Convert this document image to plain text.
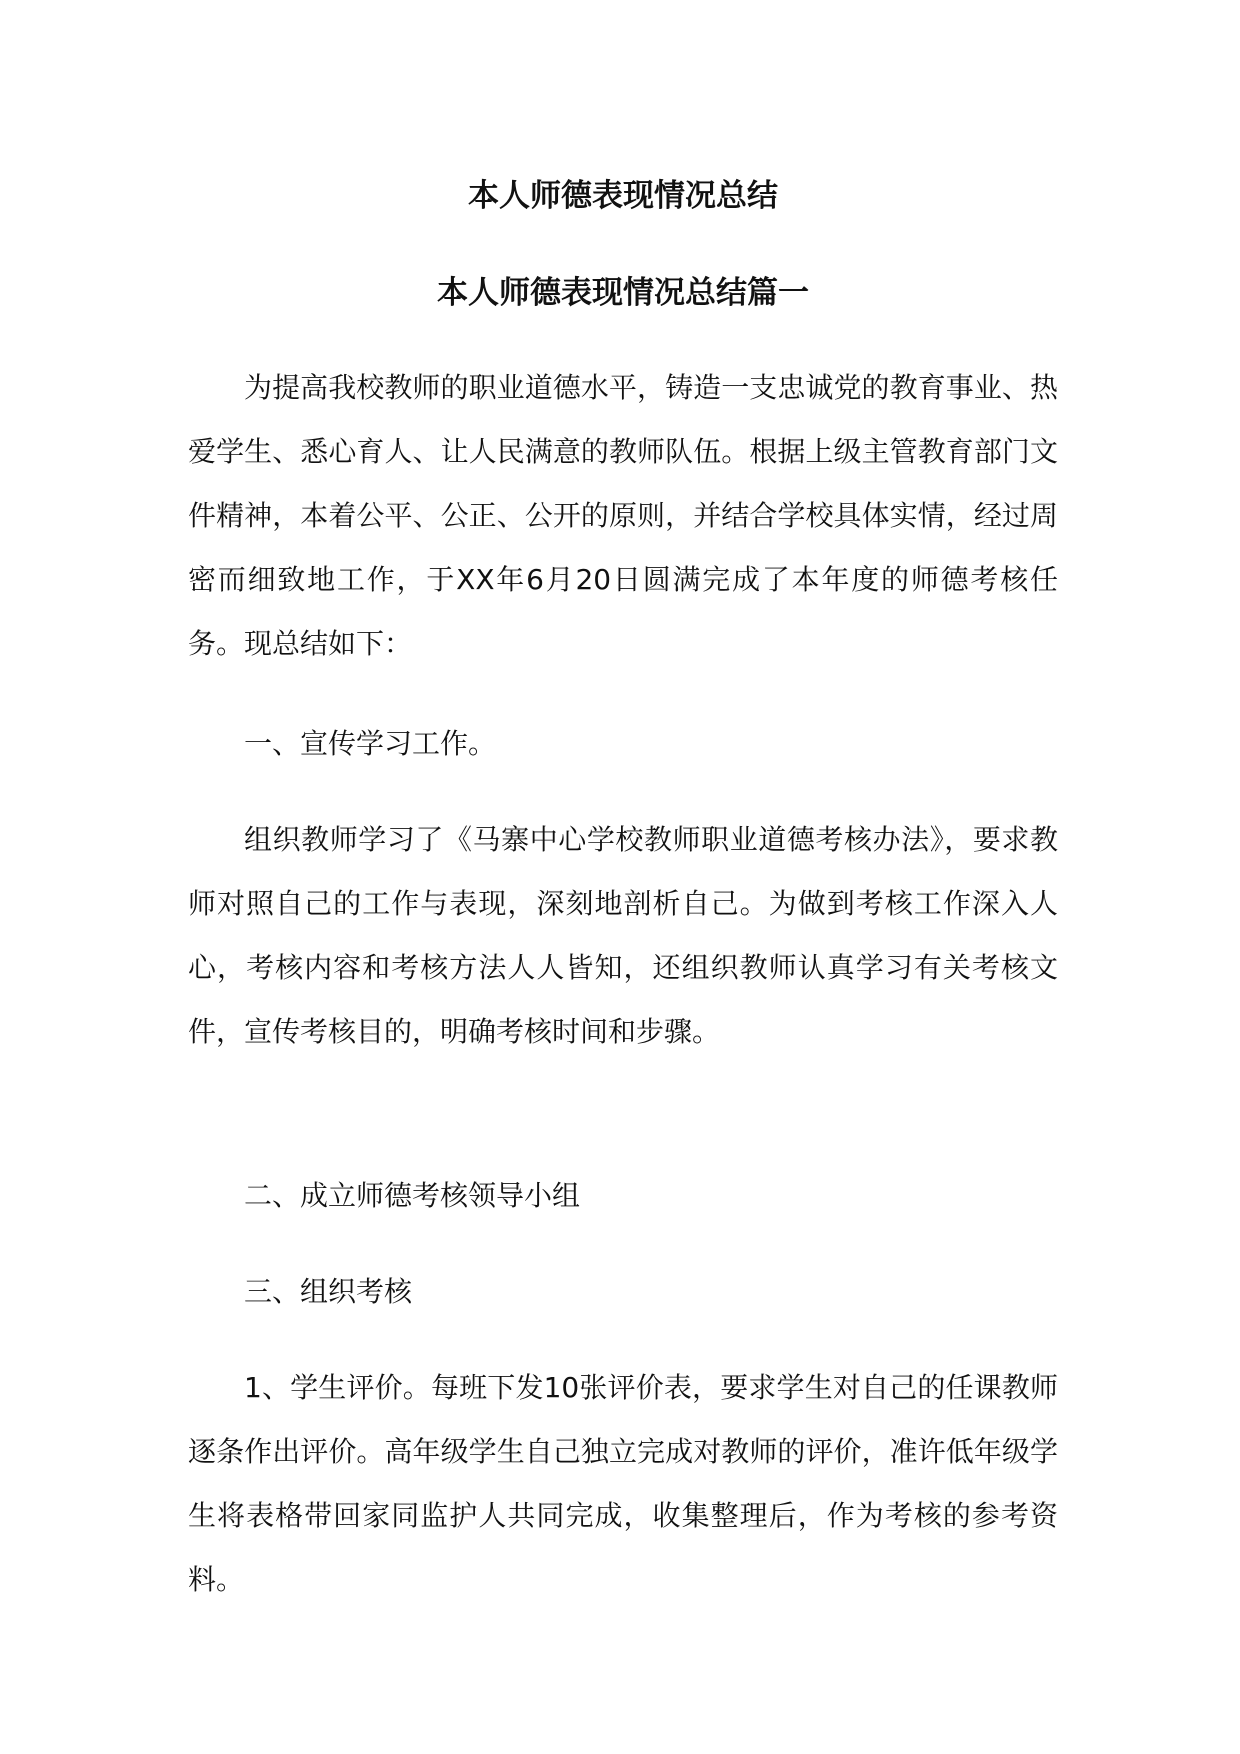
本人师德表现情况总结
本人师德表现情况总结篇一

为提高我校教师的职业道德水平，铸造一支忠诚党的教育事业、热爱学生、悉心育人、让人民满意的教师队伍。根据上级主管教育部门文件精神，本着公平、公正、公开的原则，并结合学校具体实情，经过周密而细致地工作，于XX年6月20日圆满完成了本年度的师德考核任务。现总结如下：

一、宣传学习工作。

组织教师学习了《马寨中心学校教师职业道德考核办法》，要求教师对照自己的工作与表现，深刻地剖析自己。为做到考核工作深入人心，考核内容和考核方法人人皆知，还组织教师认真学习有关考核文件，宣传考核目的，明确考核时间和步骤。

二、成立师德考核领导小组

三、组织考核

1、学生评价。每班下发10张评价表，要求学生对自己的任课教师逐条作出评价。高年级学生自己独立完成对教师的评价，准许低年级学生将表格带回家同监护人共同完成，收集整理后，作为考核的参考资料。
